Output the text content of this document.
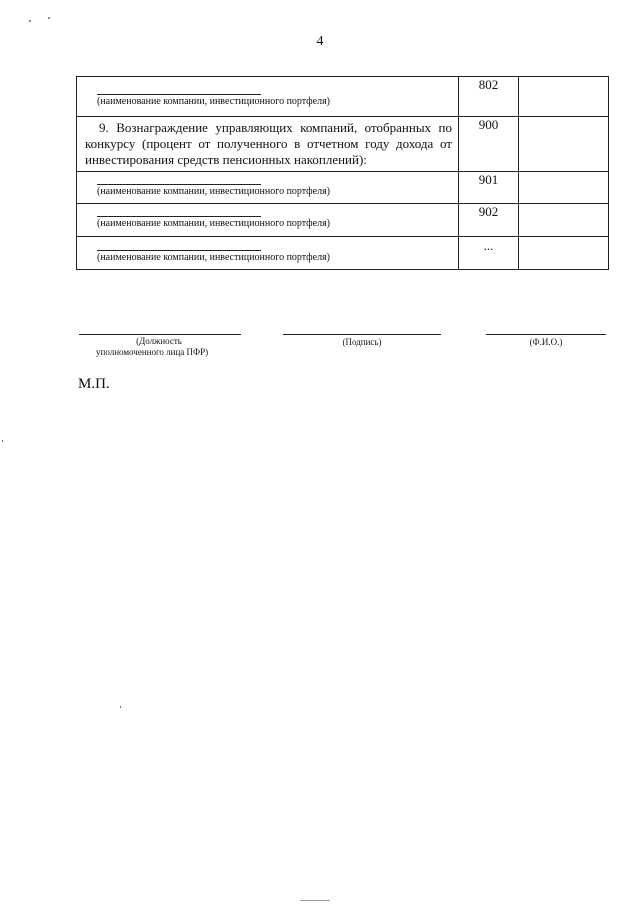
4
(наименование компании, инвестиционного портфеля)	802	

9. Вознаграждение управляющих компаний, отобранных по конкурсу (процент от полученного в отчетном году дохода от инвестирования средств пенсионных накоплений):	900	

(наименование компании, инвестиционного портфеля)	901	

(наименование компании, инвестиционного портфеля)	902	

(наименование компании, инвестиционного портфеля)	...	
(Должность
уполномоченного лица ПФР)
(Подпись)	(Ф.И.О.)
М.П.
